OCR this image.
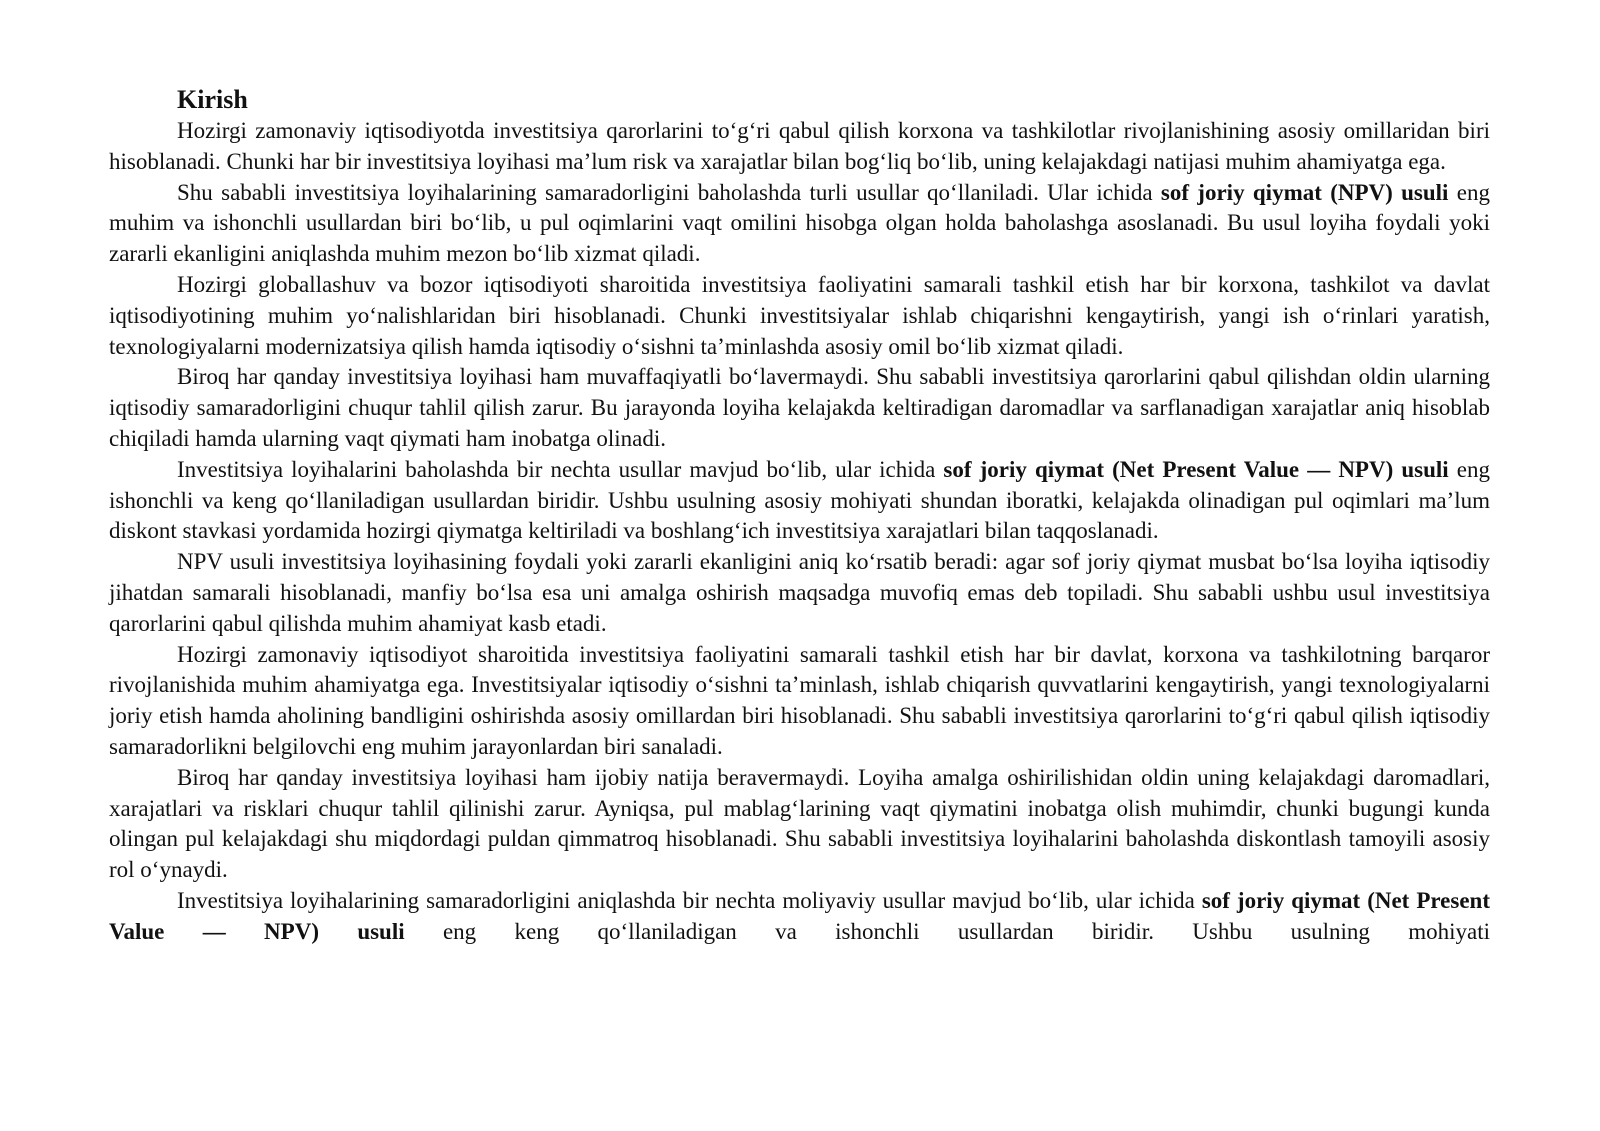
Kirish

Hozirgi zamonaviy iqtisodiyotda investitsiya qarorlarini to‘g‘ri qabul qilish korxona va tashkilotlar rivojlanishining asosiy omillaridan biri hisoblanadi. Chunki har bir investitsiya loyihasi ma’lum risk va xarajatlar bilan bog‘liq bo‘lib, uning kelajakdagi natijasi muhim ahamiyatga ega.

Shu sababli investitsiya loyihalarining samaradorligini baholashda turli usullar qo‘llaniladi. Ular ichida sof joriy qiymat (NPV) usuli eng muhim va ishonchli usullardan biri bo‘lib, u pul oqimlarini vaqt omilini hisobga olgan holda baholashga asoslanadi. Bu usul loyiha foydali yoki zararli ekanligini aniqlashda muhim mezon bo‘lib xizmat qiladi.

Hozirgi globallashuv va bozor iqtisodiyoti sharoitida investitsiya faoliyatini samarali tashkil etish har bir korxona, tashkilot va davlat iqtisodiyotining muhim yo‘nalishlaridan biri hisoblanadi. Chunki investitsiyalar ishlab chiqarishni kengaytirish, yangi ish o‘rinlari yaratish, texnologiyalarni modernizatsiya qilish hamda iqtisodiy o‘sishni ta’minlashda asosiy omil bo‘lib xizmat qiladi.

Biroq har qanday investitsiya loyihasi ham muvaffaqiyatli bo‘lavermaydi. Shu sababli investitsiya qarorlarini qabul qilishdan oldin ularning iqtisodiy samaradorligini chuqur tahlil qilish zarur. Bu jarayonda loyiha kelajakda keltiradigan daromadlar va sarflanadigan xarajatlar aniq hisoblab chiqiladi hamda ularning vaqt qiymati ham inobatga olinadi.

Investitsiya loyihalarini baholashda bir nechta usullar mavjud bo‘lib, ular ichida sof joriy qiymat (Net Present Value — NPV) usuli eng ishonchli va keng qo‘llaniladigan usullardan biridir. Ushbu usulning asosiy mohiyati shundan iboratki, kelajakda olinadigan pul oqimlari ma’lum diskont stavkasi yordamida hozirgi qiymatga keltiriladi va boshlang‘ich investitsiya xarajatlari bilan taqqoslanadi.

NPV usuli investitsiya loyihasining foydali yoki zararli ekanligini aniq ko‘rsatib beradi: agar sof joriy qiymat musbat bo‘lsa loyiha iqtisodiy jihatdan samarali hisoblanadi, manfiy bo‘lsa esa uni amalga oshirish maqsadga muvofiq emas deb topiladi. Shu sababli ushbu usul investitsiya qarorlarini qabul qilishda muhim ahamiyat kasb etadi.

Hozirgi zamonaviy iqtisodiyot sharoitida investitsiya faoliyatini samarali tashkil etish har bir davlat, korxona va tashkilotning barqaror rivojlanishida muhim ahamiyatga ega. Investitsiyalar iqtisodiy o‘sishni ta’minlash, ishlab chiqarish quvvatlarini kengaytirish, yangi texnologiyalarni joriy etish hamda aholining bandligini oshirishda asosiy omillardan biri hisoblanadi. Shu sababli investitsiya qarorlarini to‘g‘ri qabul qilish iqtisodiy samaradorlikni belgilovchi eng muhim jarayonlardan biri sanaladi.

Biroq har qanday investitsiya loyihasi ham ijobiy natija beravermaydi. Loyiha amalga oshirilishidan oldin uning kelajakdagi daromadlari, xarajatlari va risklari chuqur tahlil qilinishi zarur. Ayniqsa, pul mablag‘larining vaqt qiymatini inobatga olish muhimdir, chunki bugungi kunda olingan pul kelajakdagi shu miqdordagi puldan qimmatroq hisoblanadi. Shu sababli investitsiya loyihalarini baholashda diskontlash tamoyili asosiy rol o‘ynaydi.

Investitsiya loyihalarining samaradorligini aniqlashda bir nechta moliyaviy usullar mavjud bo‘lib, ular ichida sof joriy qiymat (Net Present Value — NPV) usuli eng keng qo‘llaniladigan va ishonchli usullardan biridir. Ushbu usulning mohiyati
